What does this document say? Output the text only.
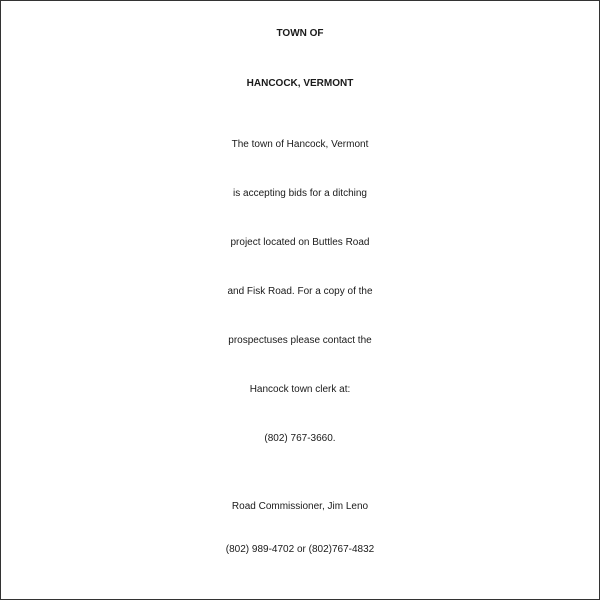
TOWN OF
HANCOCK, VERMONT
The town of Hancock, Vermont
is accepting bids for a ditching
project located on Buttles Road
and Fisk Road. For a copy of the
prospectuses please contact the
Hancock town clerk at:
(802) 767-3660.
Road Commissioner, Jim Leno
(802) 989-4702 or (802)767-4832
